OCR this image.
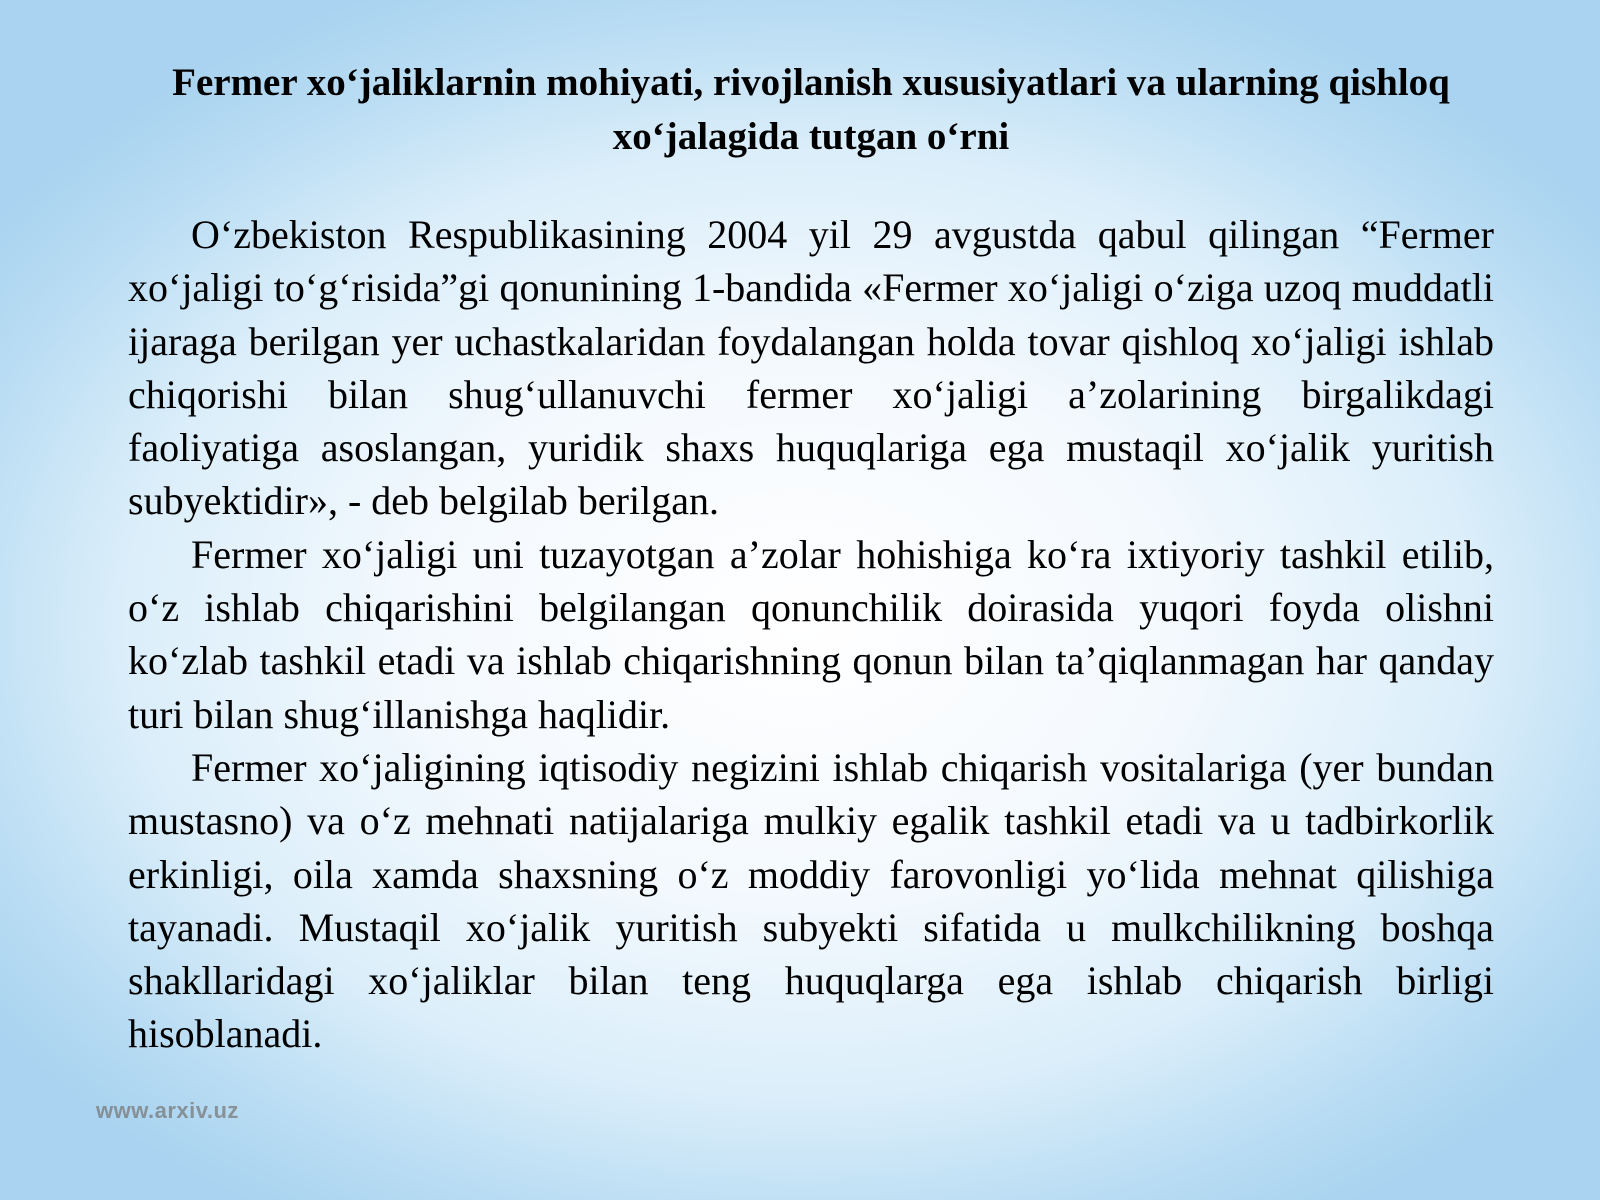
Fermer xo‘jaliklarnin mohiyati, rivojlanish xususiyatlari va ularning qishloq xo‘jalagida tutgan o‘rni

O‘zbekiston Respublikasining 2004 yil 29 avgustda qabul qilingan “Fermer xo‘jaligi to‘g‘risida”gi qonunining 1-bandida «Fermer xo‘jaligi o‘ziga uzoq muddatli ijaraga berilgan yer uchastkalaridan foydalangan holda tovar qishloq xo‘jaligi ishlab chiqorishi bilan shug‘ullanuvchi fermer xo‘jaligi a’zolarining birgalikdagi faoliyatiga asoslangan, yuridik shaxs huquqlariga ega mustaqil xo‘jalik yuritish subyektidir», - deb belgilab berilgan.

Fermer xo‘jaligi uni tuzayotgan a’zolar hohishiga ko‘ra ixtiyoriy tashkil etilib, o‘z ishlab chiqarishini belgilangan qonunchilik doirasida yuqori foyda olishni ko‘zlab tashkil etadi va ishlab chiqarishning qonun bilan ta’qiqlanmagan har qanday turi bilan shug‘illanishga haqlidir.

Fermer xo‘jaligining iqtisodiy negizini ishlab chiqarish vositalariga (yer bundan mustasno) va o‘z mehnati natijalariga mulkiy egalik tashkil etadi va u tadbirkorlik erkinligi, oila xamda shaxsning o‘z moddiy farovonligi yo‘lida mehnat qilishiga tayanadi. Mustaqil xo‘jalik yuritish subyekti sifatida u mulkchilikning boshqa shakllaridagi xo‘jaliklar bilan teng huquqlarga ega ishlab chiqarish birligi hisoblanadi.

www.arxiv.uz
